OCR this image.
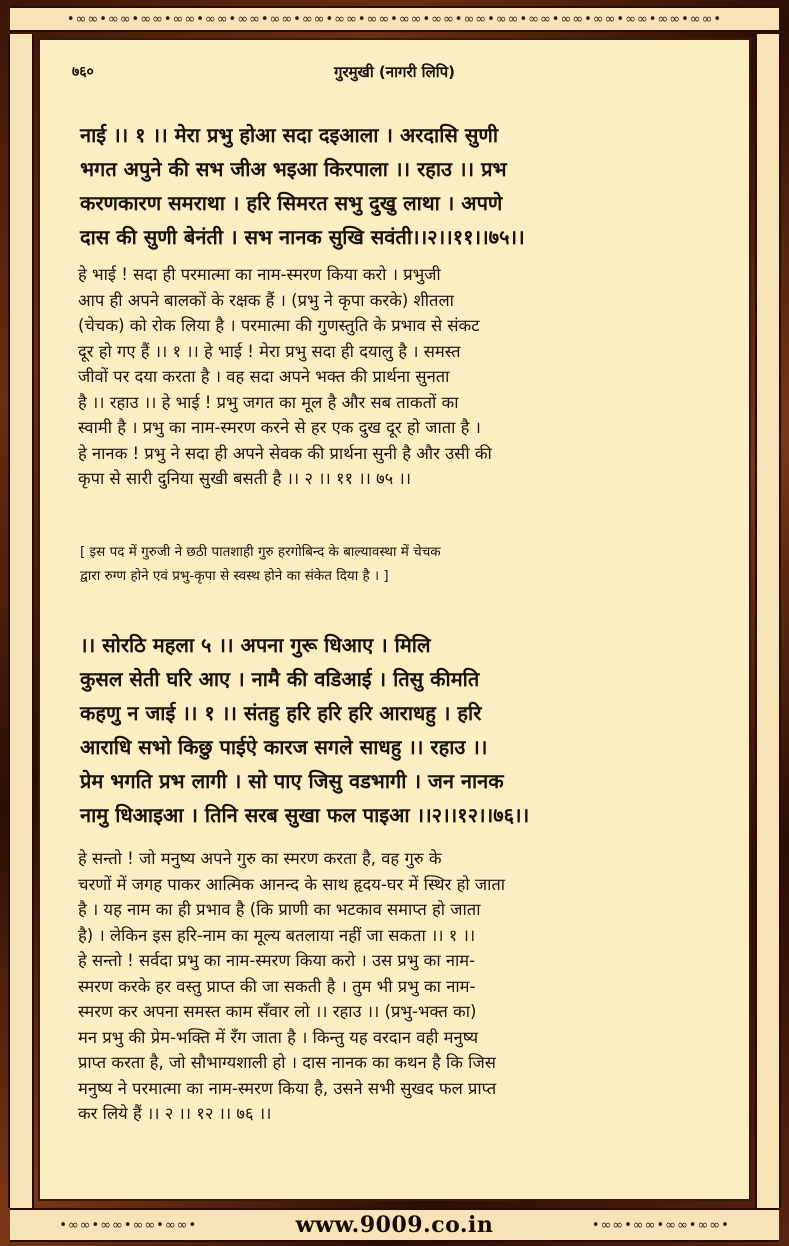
•∞∞•∞∞•∞∞•∞∞•∞∞•∞∞•∞∞•∞∞•∞∞•∞∞•∞∞•∞∞•∞∞•∞∞•∞∞•∞∞•∞∞•∞∞•∞∞•∞∞•
७६०	गुरमुखी (नागरी लिपि)

नाई ।। १ ।। मेरा प्रभु होआ सदा दइआला । अरदासि सुणी

भगत अपुने की सभ जीअ भइआ किरपाला ।। रहाउ ।। प्रभ

करणकारण समराथा । हरि सिमरत सभु दुखु लाथा । अपणे

दास की सुणी बेनंती । सभ नानक सुखि सवंती।।२।।११।।७५।।

हे भाई ! सदा ही परमात्मा का नाम-स्मरण किया करो । प्रभुजी

आप ही अपने बालकों के रक्षक हैं । (प्रभु ने कृपा करके) शीतला

(चेचक) को रोक लिया है । परमात्मा की गुणस्तुति के प्रभाव से संकट

दूर हो गए हैं ।। १ ।। हे भाई ! मेरा प्रभु सदा ही दयालु है । समस्त

जीवों पर दया करता है । वह सदा अपने भक्त की प्रार्थना सुनता

है ।। रहाउ ।। हे भाई ! प्रभु जगत का मूल है और सब ताकतों का

स्वामी है । प्रभु का नाम-स्मरण करने से हर एक दुख दूर हो जाता है ।

हे नानक ! प्रभु ने सदा ही अपने सेवक की प्रार्थना सुनी है और उसी की

कृपा से सारी दुनिया सुखी बसती है ।। २ ।। ११ ।। ७५ ।।

[ इस पद में गुरुजी ने छठी पातशाही गुरु हरगोबिन्द के बाल्यावस्था में चेचक

द्वारा रुग्ण होने एवं प्रभु-कृपा से स्वस्थ होने का संकेत दिया है । ]

।। सोरठि महला ५ ।। अपना गुरू धिआए । मिलि

कुसल सेती घरि आए । नामै की वडिआई । तिसु कीमति

कहणु न जाई ।। १ ।। संतहु हरि हरि हरि आराधहु । हरि

आराधि सभो किछु पाईऐ कारज सगले साधहु ।। रहाउ ।।

प्रेम भगति प्रभ लागी । सो पाए जिसु वडभागी । जन नानक

नामु धिआइआ । तिनि सरब सुखा फल पाइआ ।।२।।१२।।७६।।

हे सन्तो ! जो मनुष्य अपने गुरु का स्मरण करता है, वह गुरु के

चरणों में जगह पाकर आत्मिक आनन्द के साथ हृदय-घर में स्थिर हो जाता

है । यह नाम का ही प्रभाव है (कि प्राणी का भटकाव समाप्त हो जाता

है) । लेकिन इस हरि-नाम का मूल्य बतलाया नहीं जा सकता ।। १ ।।

हे सन्तो ! सर्वदा प्रभु का नाम-स्मरण किया करो । उस प्रभु का नाम-

स्मरण करके हर वस्तु प्राप्त की जा सकती है । तुम भी प्रभु का नाम-

स्मरण कर अपना समस्त काम सँवार लो ।। रहाउ ।। (प्रभु-भक्त का)

मन प्रभु की प्रेम-भक्ति में रँग जाता है । किन्तु यह वरदान वही मनुष्य

प्राप्त करता है, जो सौभाग्यशाली हो । दास नानक का कथन है कि जिस

मनुष्य ने परमात्मा का नाम-स्मरण किया है, उसने सभी सुखद फल प्राप्त

कर लिये हैं ।। २ ।। १२ ।। ७६ ।।

•∞∞•∞∞•∞∞•∞∞•	www.9009.co.in	•∞∞•∞∞•∞∞•∞∞•
